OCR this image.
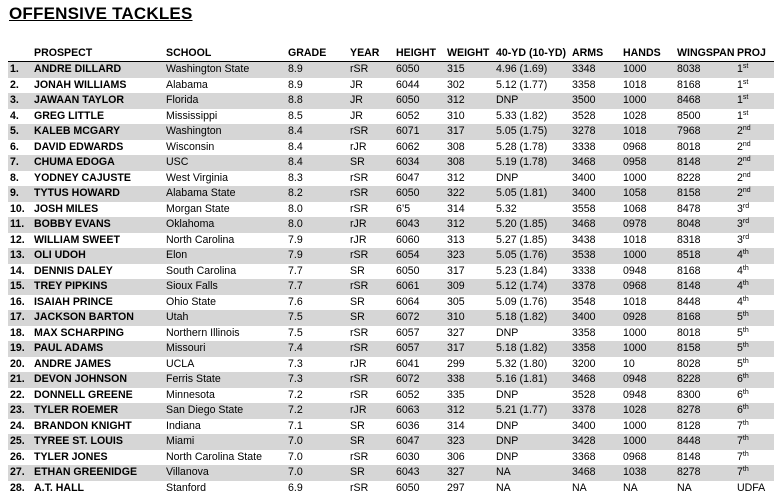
OFFENSIVE TACKLES
	PROSPECT	SCHOOL	GRADE	YEAR	HEIGHT	WEIGHT	40-YD (10-YD)	ARMS	HANDS	WINGSPAN	PROJ
1.	ANDRE DILLARD	Washington State	8.9	rSR	6050	315	4.96 (1.69)	3348	1000	8038	1st
2.	JONAH WILLIAMS	Alabama	8.9	JR	6044	302	5.12 (1.77)	3358	1018	8168	1st
3.	JAWAAN TAYLOR	Florida	8.8	JR	6050	312	DNP	3500	1000	8468	1st
4.	GREG LITTLE	Mississippi	8.5	JR	6052	310	5.33 (1.82)	3528	1028	8500	1st
5.	KALEB MCGARY	Washington	8.4	rSR	6071	317	5.05 (1.75)	3278	1018	7968	2nd
6.	DAVID EDWARDS	Wisconsin	8.4	rJR	6062	308	5.28 (1.78)	3338	0968	8018	2nd
7.	CHUMA EDOGA	USC	8.4	SR	6034	308	5.19 (1.78)	3468	0958	8148	2nd
8.	YODNEY CAJUSTE	West Virginia	8.3	rSR	6047	312	DNP	3400	1000	8228	2nd
9.	TYTUS HOWARD	Alabama State	8.2	rSR	6050	322	5.05 (1.81)	3400	1058	8158	2nd
10.	JOSH MILES	Morgan State	8.0	rSR	6’5	314	5.32	3558	1068	8478	3rd
11.	BOBBY EVANS	Oklahoma	8.0	rJR	6043	312	5.20 (1.85)	3468	0978	8048	3rd
12.	WILLIAM SWEET	North Carolina	7.9	rJR	6060	313	5.27 (1.85)	3438	1018	8318	3rd
13.	OLI UDOH	Elon	7.9	rSR	6054	323	5.05 (1.76)	3538	1000	8518	4th
14.	DENNIS DALEY	South Carolina	7.7	SR	6050	317	5.23 (1.84)	3338	0948	8168	4th
15.	TREY PIPKINS	Sioux Falls	7.7	rSR	6061	309	5.12 (1.74)	3378	0968	8148	4th
16.	ISAIAH PRINCE	Ohio State	7.6	SR	6064	305	5.09 (1.76)	3548	1018	8448	4th
17.	JACKSON BARTON	Utah	7.5	SR	6072	310	5.18 (1.82)	3400	0928	8168	5th
18.	MAX SCHARPING	Northern Illinois	7.5	rSR	6057	327	DNP	3358	1000	8018	5th
19.	PAUL ADAMS	Missouri	7.4	rSR	6057	317	5.18 (1.82)	3358	1000	8158	5th
20.	ANDRE JAMES	UCLA	7.3	rJR	6041	299	5.32 (1.80)	3200	10	8028	5th
21.	DEVON JOHNSON	Ferris State	7.3	rSR	6072	338	5.16 (1.81)	3468	0948	8228	6th
22.	DONNELL GREENE	Minnesota	7.2	rSR	6052	335	DNP	3528	0948	8300	6th
23.	TYLER ROEMER	San Diego State	7.2	rJR	6063	312	5.21 (1.77)	3378	1028	8278	6th
24.	BRANDON KNIGHT	Indiana	7.1	SR	6036	314	DNP	3400	1000	8128	7th
25.	TYREE ST. LOUIS	Miami	7.0	SR	6047	323	DNP	3428	1000	8448	7th
26.	TYLER JONES	North Carolina State	7.0	rSR	6030	306	DNP	3368	0968	8148	7th
27.	ETHAN GREENIDGE	Villanova	7.0	SR	6043	327	NA	3468	1038	8278	7th
28.	A.T. HALL	Stanford	6.9	rSR	6050	297	NA	NA	NA	NA	UDFA
